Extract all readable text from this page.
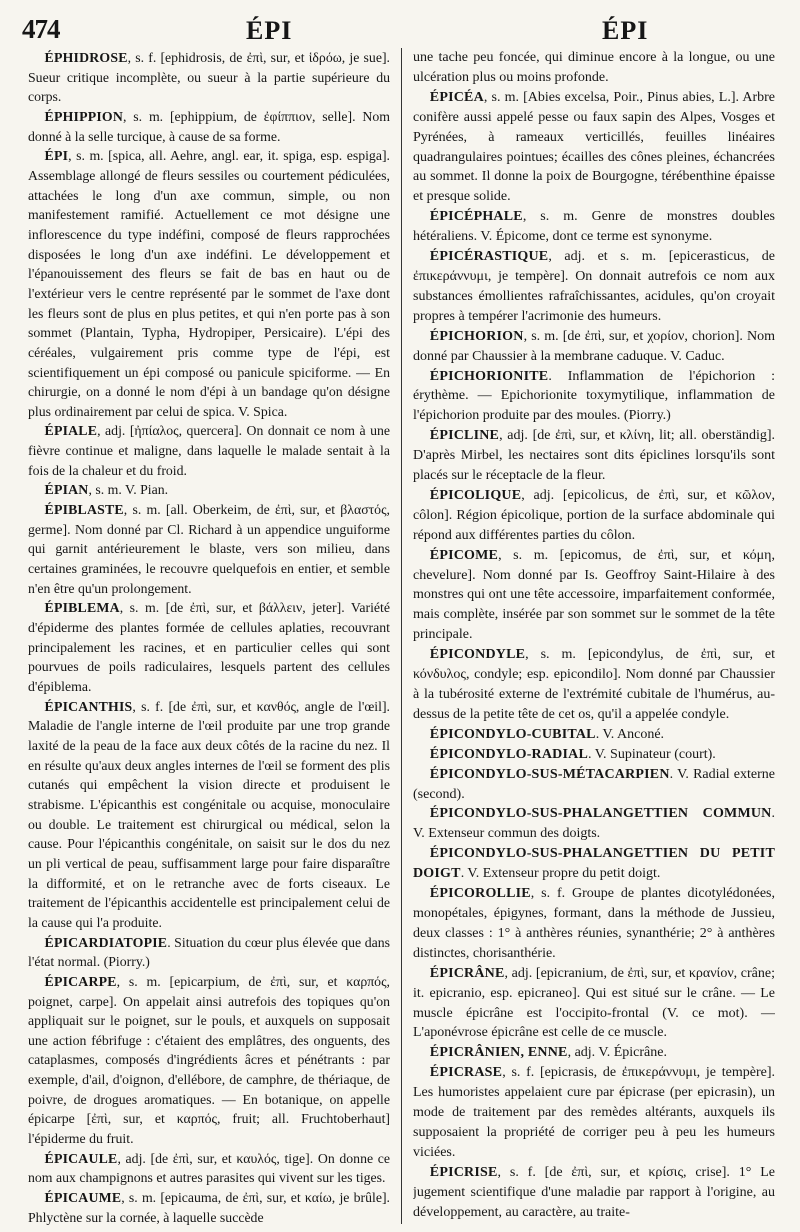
474	ÉPI	ÉPI

ÉPHIDROSE, s. f. [ephidrosis, de ἐπὶ, sur, et ἱδρόω, je sue]. Sueur critique incomplète, ou sueur à la partie supérieure du corps.

ÉPHIPPION, s. m. [ephippium, de ἐφίππιον, selle]. Nom donné à la selle turcique, à cause de sa forme.

ÉPI, s. m. [spica, all. Aehre, angl. ear, it. spiga, esp. espiga]. Assemblage allongé de fleurs sessiles ou courtement pédiculées, attachées le long d'un axe commun, simple, ou non manifestement ramifié. Actuellement ce mot désigne une inflorescence du type indéfini, composé de fleurs rapprochées disposées le long d'un axe indéfini. Le développement et l'épanouissement des fleurs se fait de bas en haut ou de l'extérieur vers le centre représenté par le sommet de l'axe dont les fleurs sont de plus en plus petites, et qui n'en porte pas à son sommet (Plantain, Typha, Hydropiper, Persicaire). L'épi des céréales, vulgairement pris comme type de l'épi, est scientifiquement un épi composé ou panicule spiciforme. — En chirurgie, on a donné le nom d'épi à un bandage qu'on désigne plus ordinairement par celui de spica. V. Spica.

ÉPIALE, adj. [ἠπίαλος, quercera]. On donnait ce nom à une fièvre continue et maligne, dans laquelle le malade sentait à la fois de la chaleur et du froid.

ÉPIAN, s. m. V. Pian.

ÉPIBLASTE, s. m. [all. Oberkeim, de ἐπὶ, sur, et βλαστός, germe]. Nom donné par Cl. Richard à un appendice unguiforme qui garnit antérieurement le blaste, vers son milieu, dans certaines graminées, le recouvre quelquefois en entier, et semble n'en être qu'un prolongement.

ÉPIBLEMA, s. m. [de ἐπὶ, sur, et βάλλειν, jeter]. Variété d'épiderme des plantes formée de cellules aplaties, recouvrant principalement les racines, et en particulier celles qui sont pourvues de poils radiculaires, lesquels partent des cellules d'épiblema.

ÉPICANTHIS, s. f. [de ἐπὶ, sur, et κανθός, angle de l'œil]. Maladie de l'angle interne de l'œil produite par une trop grande laxité de la peau de la face aux deux côtés de la racine du nez. Il en résulte qu'aux deux angles internes de l'œil se forment des plis cutanés qui empêchent la vision directe et produisent le strabisme. L'épicanthis est congénitale ou acquise, monoculaire ou double. Le traitement est chirurgical ou médical, selon la cause. Pour l'épicanthis congénitale, on saisit sur le dos du nez un pli vertical de peau, suffisamment large pour faire disparaître la difformité, et on le retranche avec de forts ciseaux. Le traitement de l'épicanthis accidentelle est principalement celui de la cause qui l'a produite.

ÉPICARDIATOPIE. Situation du cœur plus élevée que dans l'état normal. (Piorry.)

ÉPICARPE, s. m. [epicarpium, de ἐπὶ, sur, et καρπός, poignet, carpe]. On appelait ainsi autrefois des topiques qu'on appliquait sur le poignet, sur le pouls, et auxquels on supposait une action fébrifuge : c'étaient des emplâtres, des onguents, des cataplasmes, composés d'ingrédients âcres et pénétrants : par exemple, d'ail, d'oignon, d'ellébore, de camphre, de thériaque, de poivre, de drogues aromatiques. — En botanique, on appelle épicarpe [ἐπὶ, sur, et καρπός, fruit; all. Fruchtoberhaut] l'épiderme du fruit.

ÉPICAULE, adj. [de ἐπὶ, sur, et καυλός, tige]. On donne ce nom aux champignons et autres parasites qui vivent sur les tiges.

ÉPICAUME, s. m. [epicauma, de ἐπὶ, sur, et καίω, je brûle]. Phlyctène sur la cornée, à laquelle succède

une tache peu foncée, qui diminue encore à la longue, ou une ulcération plus ou moins profonde.

ÉPICÉA, s. m. [Abies excelsa, Poir., Pinus abies, L.]. Arbre conifère aussi appelé pesse ou faux sapin des Alpes, Vosges et Pyrénées, à rameaux verticillés, feuilles linéaires quadrangulaires pointues; écailles des cônes pleines, échancrées au sommet. Il donne la poix de Bourgogne, térébenthine épaisse et presque solide.

ÉPICÉPHALE, s. m. Genre de monstres doubles hétéraliens. V. Épicome, dont ce terme est synonyme.

ÉPICÉRASTIQUE, adj. et s. m. [epicerasticus, de ἐπικεράννυμι, je tempère]. On donnait autrefois ce nom aux substances émollientes rafraîchissantes, acidules, qu'on croyait propres à tempérer l'acrimonie des humeurs.

ÉPICHORION, s. m. [de ἐπὶ, sur, et χορίον, chorion]. Nom donné par Chaussier à la membrane caduque. V. Caduc.

ÉPICHORIONITE. Inflammation de l'épichorion : érythème. — Epichorionite toxymytilique, inflammation de l'épichorion produite par des moules. (Piorry.)

ÉPICLINE, adj. [de ἐπὶ, sur, et κλίνη, lit; all. oberständig]. D'après Mirbel, les nectaires sont dits épiclines lorsqu'ils sont placés sur le réceptacle de la fleur.

ÉPICOLIQUE, adj. [epicolicus, de ἐπὶ, sur, et κῶλον, côlon]. Région épicolique, portion de la surface abdominale qui répond aux différentes parties du côlon.

ÉPICOME, s. m. [epicomus, de ἐπὶ, sur, et κόμη, chevelure]. Nom donné par Is. Geoffroy Saint-Hilaire à des monstres qui ont une tête accessoire, imparfaitement conformée, mais complète, insérée par son sommet sur le sommet de la tête principale.

ÉPICONDYLE, s. m. [epicondylus, de ἐπὶ, sur, et κόνδυλος, condyle; esp. epicondilo]. Nom donné par Chaussier à la tubérosité externe de l'extrémité cubitale de l'humérus, au-dessus de la petite tête de cet os, qu'il a appelée condyle.

ÉPICONDYLO-CUBITAL. V. Anconé.

ÉPICONDYLO-RADIAL. V. Supinateur (court).

ÉPICONDYLO-SUS-MÉTACARPIEN. V. Radial externe (second).

ÉPICONDYLO-SUS-PHALANGETTIEN COMMUN. V. Extenseur commun des doigts.

ÉPICONDYLO-SUS-PHALANGETTIEN DU PETIT DOIGT. V. Extenseur propre du petit doigt.

ÉPICOROLLIE, s. f. Groupe de plantes dicotylédonées, monopétales, épigynes, formant, dans la méthode de Jussieu, deux classes : 1° à anthères réunies, synanthérie; 2° à anthères distinctes, chorisanthérie.

ÉPICRÂNE, adj. [epicranium, de ἐπὶ, sur, et κρανίον, crâne; it. epicranio, esp. epicraneo]. Qui est situé sur le crâne. — Le muscle épicrâne est l'occipito-frontal (V. ce mot). — L'aponévrose épicrâne est celle de ce muscle.

ÉPICRÂNIEN, ENNE, adj. V. Épicrâne.

ÉPICRASE, s. f. [epicrasis, de ἐπικεράννυμι, je tempère]. Les humoristes appelaient cure par épicrase (per epicrasin), un mode de traitement par des remèdes altérants, auxquels ils supposaient la propriété de corriger peu à peu les humeurs viciées.

ÉPICRISE, s. f. [de ἐπὶ, sur, et κρίσις, crise]. 1° Le jugement scientifique d'une maladie par rapport à l'origine, au développement, au caractère, au traite-
